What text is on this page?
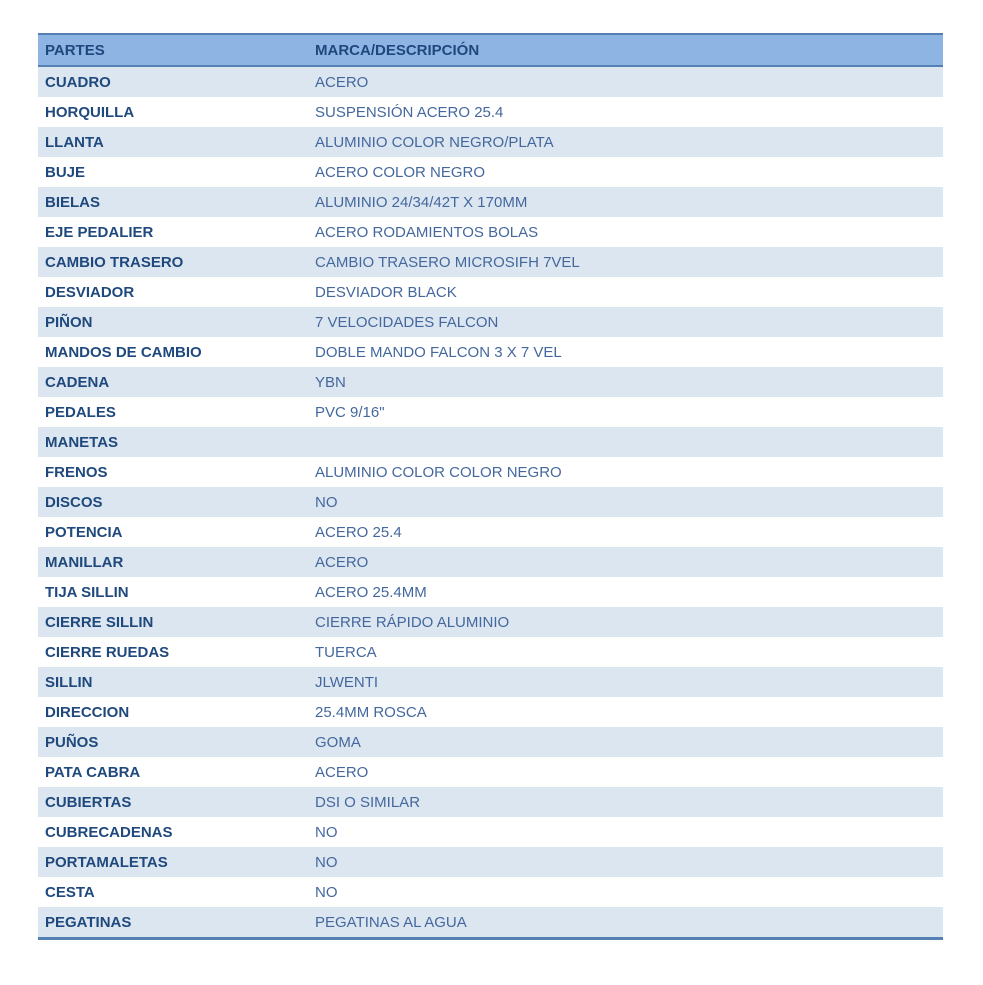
PARTES	MARCA/DESCRIPCIÓN
CUADRO	ACERO
HORQUILLA	SUSPENSIÓN ACERO 25.4
LLANTA	ALUMINIO COLOR NEGRO/PLATA
BUJE	ACERO COLOR NEGRO
BIELAS	ALUMINIO 24/34/42T X 170MM
EJE PEDALIER	ACERO RODAMIENTOS BOLAS
CAMBIO TRASERO	CAMBIO TRASERO MICROSIFH 7VEL
DESVIADOR	DESVIADOR BLACK
PIÑON	7 VELOCIDADES FALCON
MANDOS DE CAMBIO	DOBLE MANDO FALCON 3 X 7 VEL
CADENA	YBN
PEDALES	PVC 9/16"
MANETAS	
FRENOS	ALUMINIO COLOR COLOR NEGRO
DISCOS	NO
POTENCIA	ACERO 25.4
MANILLAR	ACERO
TIJA SILLIN	ACERO 25.4MM
CIERRE SILLIN	CIERRE RÁPIDO ALUMINIO
CIERRE RUEDAS	TUERCA
SILLIN	JLWENTI
DIRECCION	25.4MM ROSCA
PUÑOS	GOMA
PATA CABRA	ACERO
CUBIERTAS	DSI O SIMILAR
CUBRECADENAS	NO
PORTAMALETAS	NO
CESTA	NO
PEGATINAS	PEGATINAS AL AGUA
